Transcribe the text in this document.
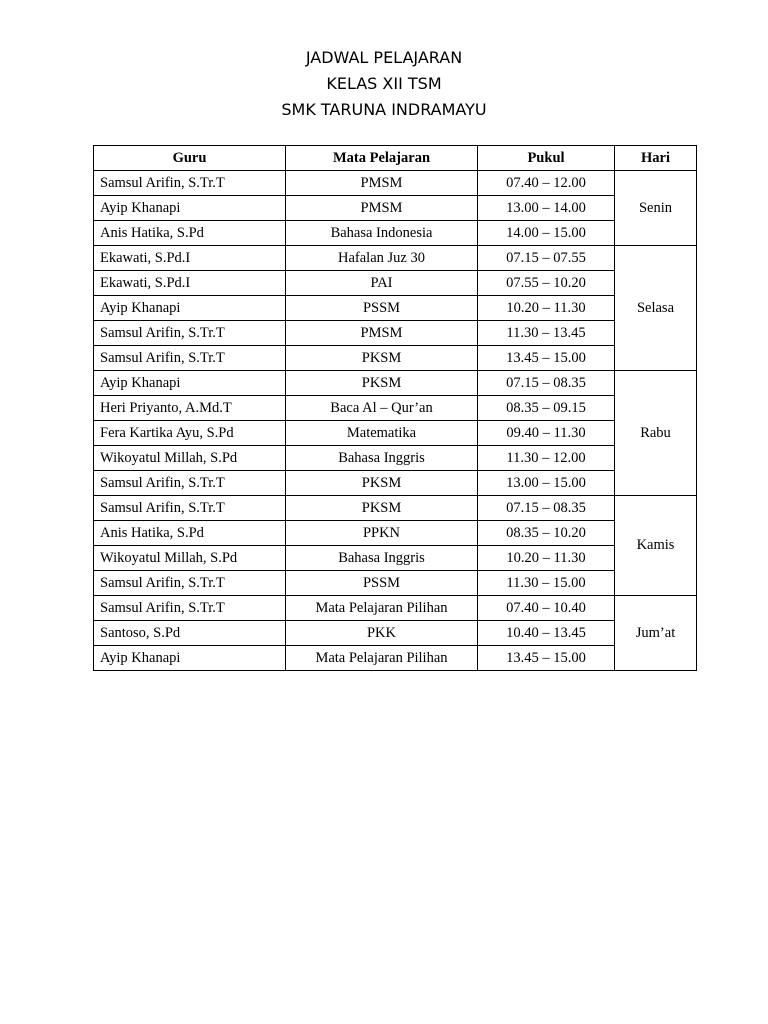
JADWAL PELAJARAN
KELAS XII TSM
SMK TARUNA INDRAMAYU
Guru	Mata Pelajaran	Pukul	Hari
Samsul Arifin, S.Tr.T	PMSM	07.40 – 12.00	Senin
Ayip Khanapi	PMSM	13.00 – 14.00	
Anis Hatika, S.Pd	Bahasa Indonesia	14.00 – 15.00	
Ekawati, S.Pd.I	Hafalan Juz 30	07.15 – 07.55	Selasa
Ekawati, S.Pd.I	PAI	07.55 – 10.20	
Ayip Khanapi	PSSM	10.20 – 11.30	
Samsul Arifin, S.Tr.T	PMSM	11.30 – 13.45	
Samsul Arifin, S.Tr.T	PKSM	13.45 – 15.00	
Ayip Khanapi	PKSM	07.15 – 08.35	Rabu
Heri Priyanto, A.Md.T	Baca Al – Qur’an	08.35 – 09.15	
Fera Kartika Ayu, S.Pd	Matematika	09.40 – 11.30	
Wikoyatul Millah, S.Pd	Bahasa Inggris	11.30 – 12.00	
Samsul Arifin, S.Tr.T	PKSM	13.00 – 15.00	
Samsul Arifin, S.Tr.T	PKSM	07.15 – 08.35	Kamis
Anis Hatika, S.Pd	PPKN	08.35 – 10.20	
Wikoyatul Millah, S.Pd	Bahasa Inggris	10.20 – 11.30	
Samsul Arifin, S.Tr.T	PSSM	11.30 – 15.00	
Samsul Arifin, S.Tr.T	Mata Pelajaran Pilihan	07.40 – 10.40	Jum’at
Santoso, S.Pd	PKK	10.40 – 13.45	
Ayip Khanapi	Mata Pelajaran Pilihan	13.45 – 15.00	
